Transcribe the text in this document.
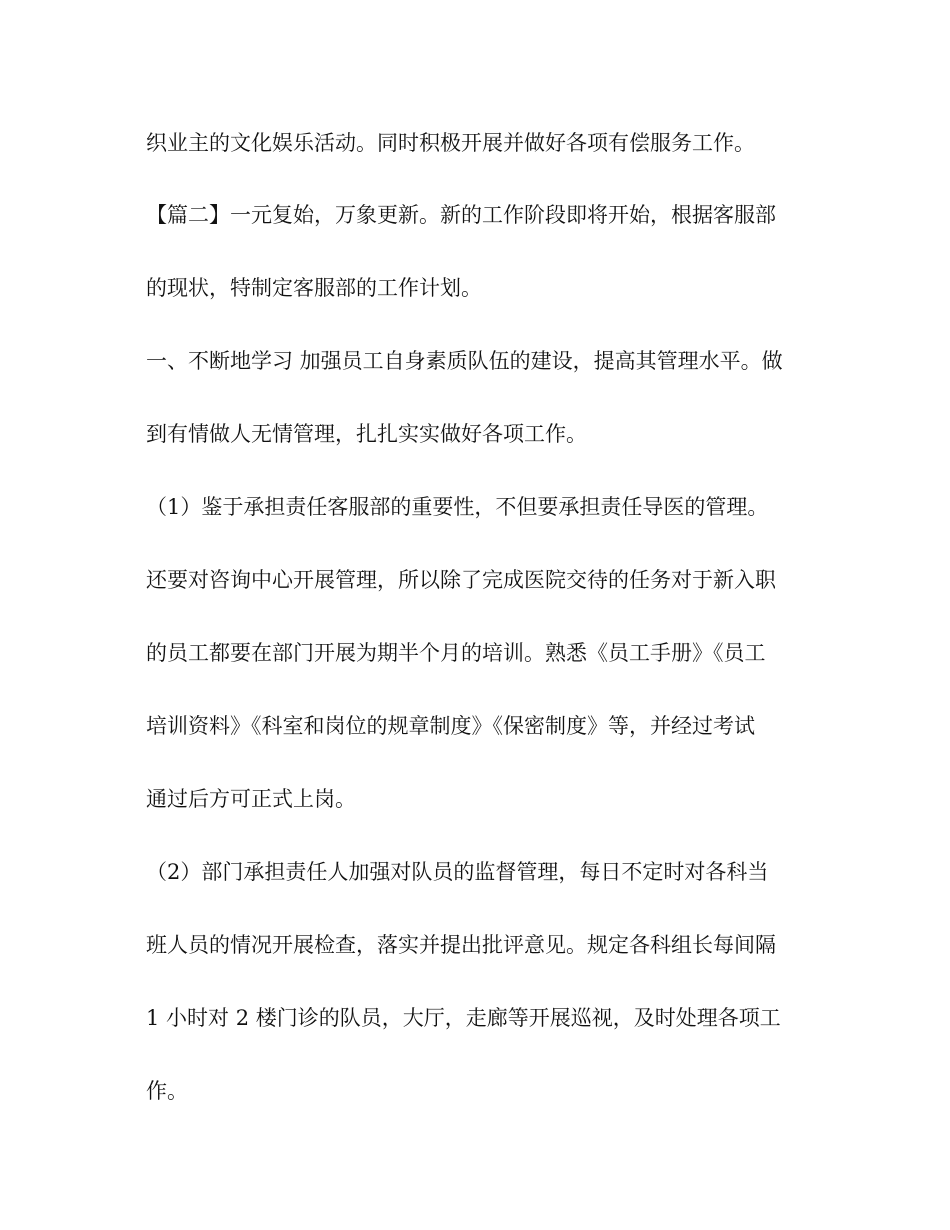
织业主的文化娱乐活动。同时积极开展并做好各项有偿服务工作。

【篇二】一元复始，万象更新。新的工作阶段即将开始，根据客服部

的现状，特制定客服部的工作计划。

一、不断地学习 加强员工自身素质队伍的建设，提高其管理水平。做

到有情做人无情管理，扎扎实实做好各项工作。

（1）鉴于承担责任客服部的重要性，不但要承担责任导医的管理。

还要对咨询中心开展管理，所以除了完成医院交待的任务对于新入职

的员工都要在部门开展为期半个月的培训。熟悉《员工手册》《员工

培训资料》《科室和岗位的规章制度》《保密制度》等，并经过考试

通过后方可正式上岗。

（2）部门承担责任人加强对队员的监督管理，每日不定时对各科当

班人员的情况开展检查，落实并提出批评意见。规定各科组长每间隔

1 小时对 2 楼门诊的队员，大厅，走廊等开展巡视，及时处理各项工

作。
